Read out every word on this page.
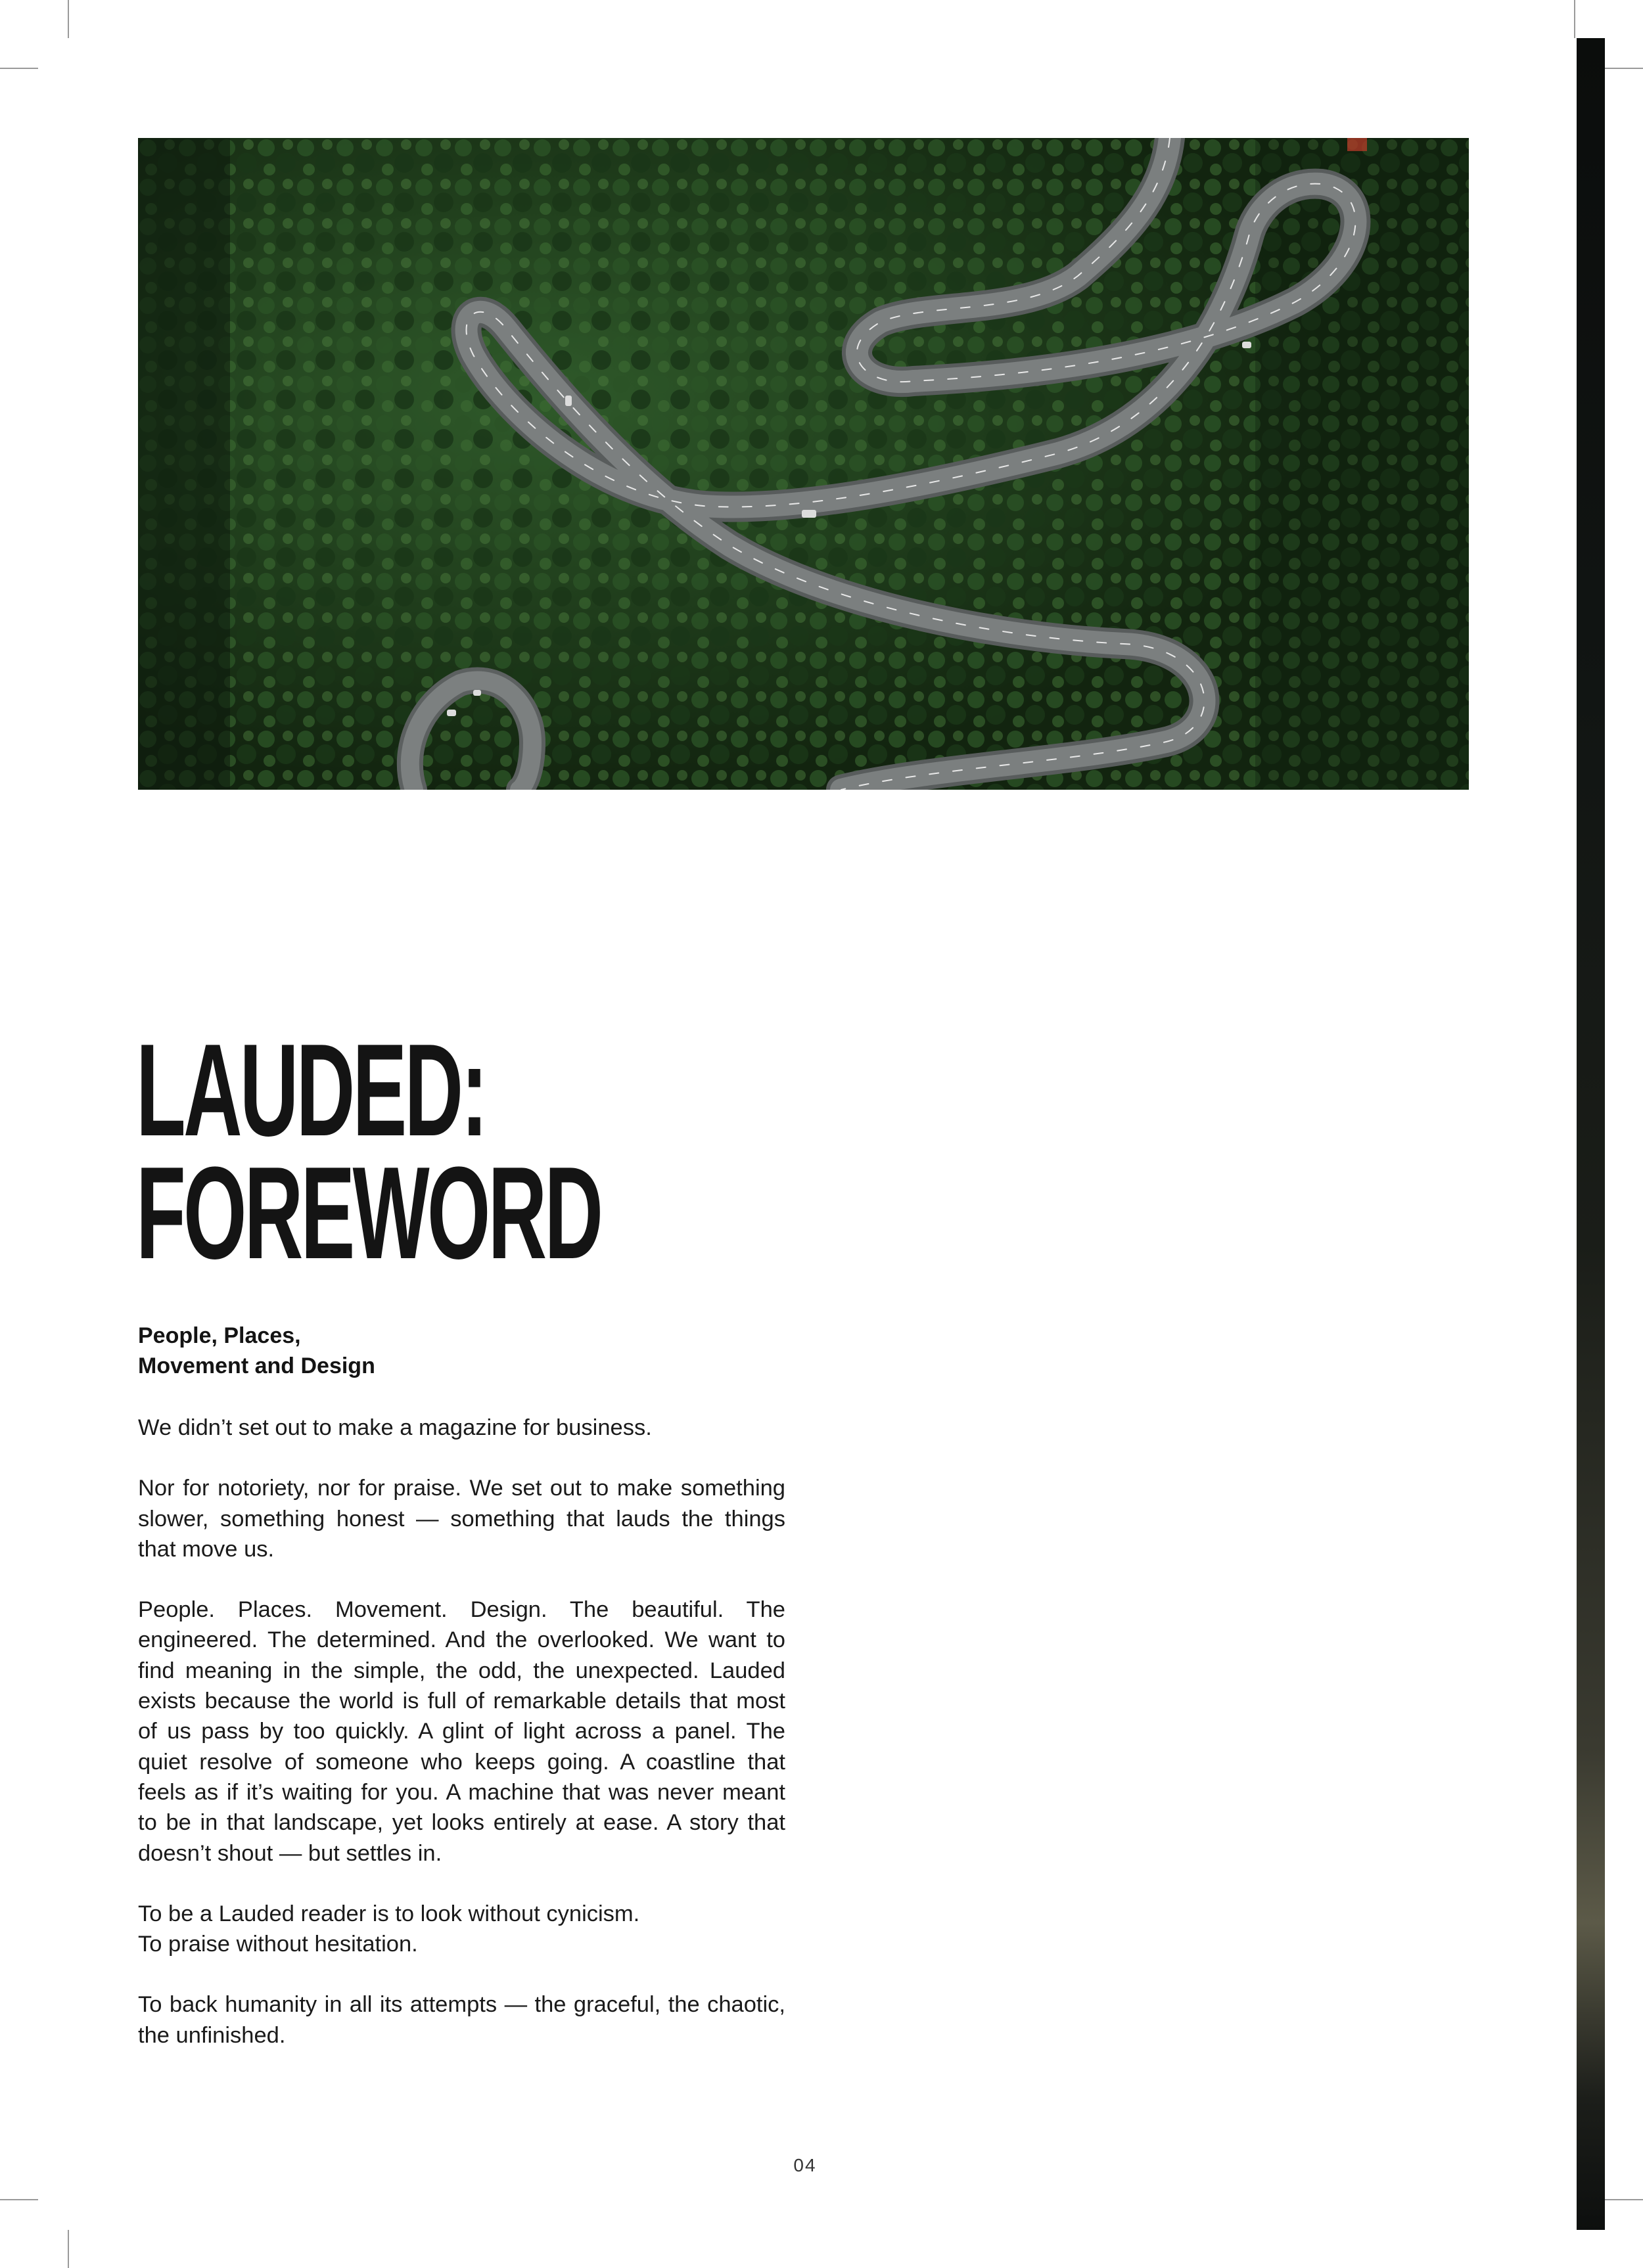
LAUDED:
FOREWORD
People, Places,
Movement and Design

We didn’t set out to make a magazine for business.

Nor for notoriety, nor for praise. We set out to make something slower, something honest — something that lauds the things that move us.

People. Places. Movement. Design. The beautiful. The engineered. The determined. And the overlooked. We want to find meaning in the simple, the odd, the unexpected. Lauded exists because the world is full of remarkable details that most of us pass by too quickly. A glint of light across a panel. The quiet resolve of someone who keeps going. A coastline that feels as if it’s waiting for you. A machine that was never meant to be in that landscape, yet looks entirely at ease. A story that doesn’t shout — but settles in.

To be a Lauded reader is to look without cynicism.

To praise without hesitation.

To back humanity in all its attempts — the graceful, the chaotic, the unfinished.

04
